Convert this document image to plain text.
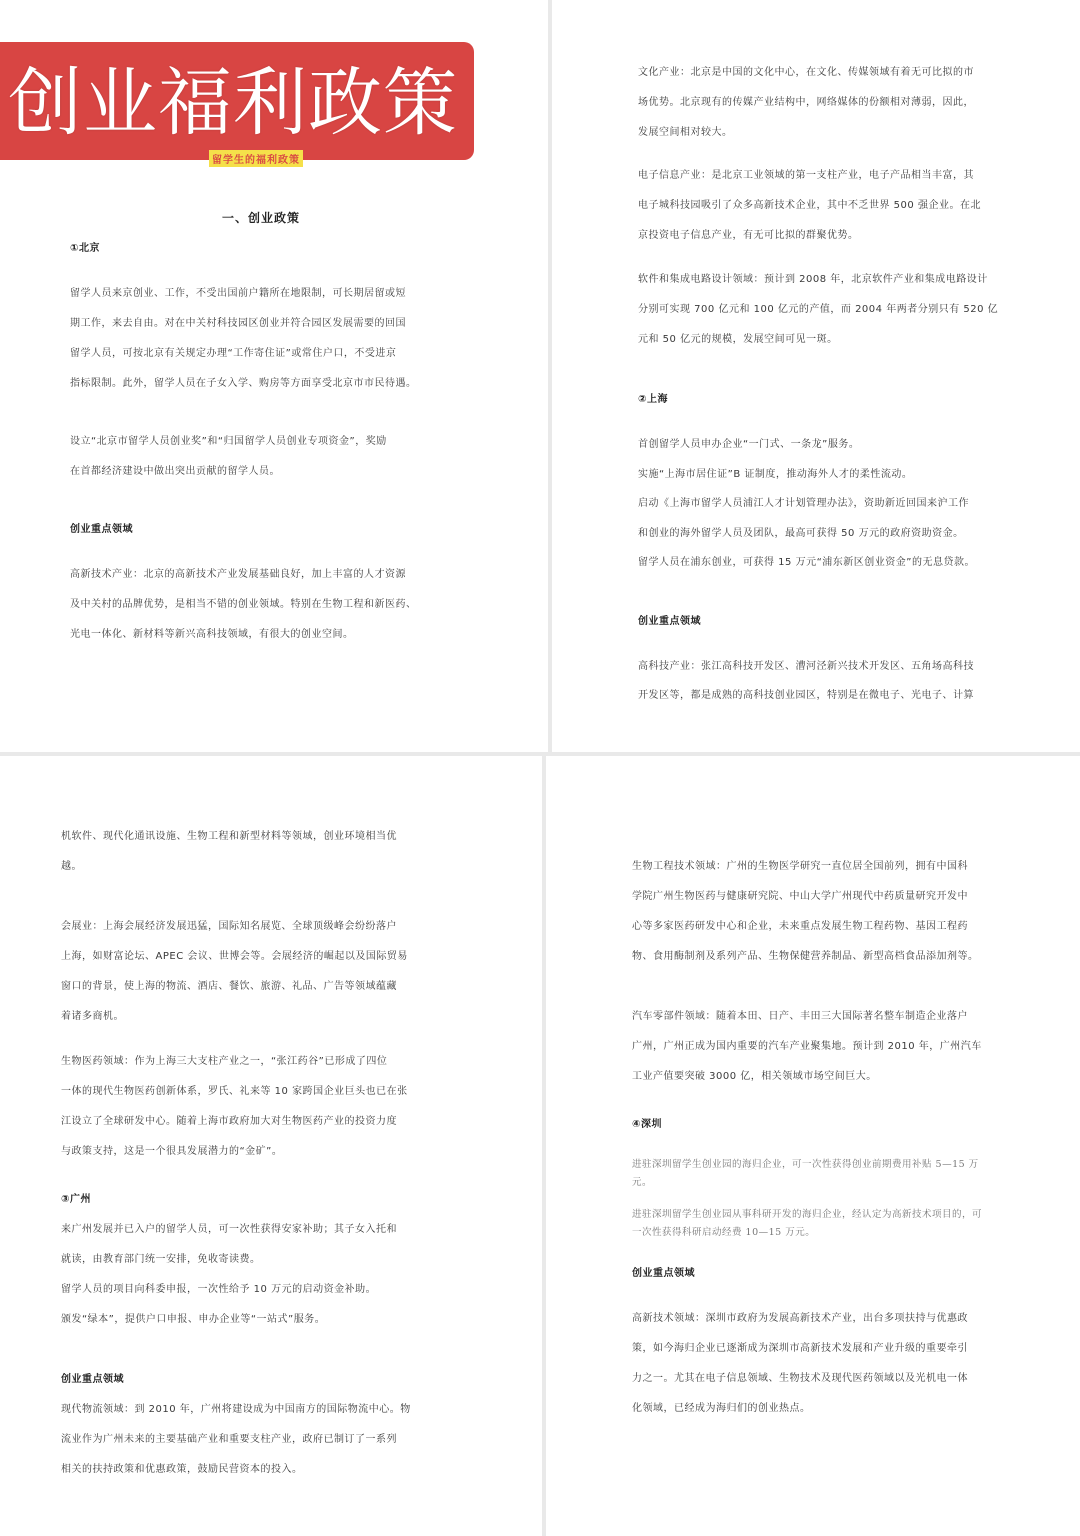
创业福利政策
留学生的福利政策
一、创业政策
①北京
留学人员来京创业、工作，不受出国前户籍所在地限制，可长期居留或短
期工作，来去自由。对在中关村科技园区创业并符合园区发展需要的回国
留学人员，可按北京有关规定办理“工作寄住证”或常住户口，不受进京
指标限制。此外，留学人员在子女入学、购房等方面享受北京市市民待遇。
设立“北京市留学人员创业奖”和“归国留学人员创业专项资金”，奖励
在首都经济建设中做出突出贡献的留学人员。
创业重点领域
高新技术产业：北京的高新技术产业发展基础良好，加上丰富的人才资源
及中关村的品牌优势，是相当不错的创业领域。特别在生物工程和新医药、
光电一体化、新材料等新兴高科技领域，有很大的创业空间。
文化产业：北京是中国的文化中心，在文化、传媒领域有着无可比拟的市
场优势。北京现有的传媒产业结构中，网络媒体的份额相对薄弱，因此，
发展空间相对较大。
电子信息产业：是北京工业领域的第一支柱产业，电子产品相当丰富，其
电子城科技园吸引了众多高新技术企业，其中不乏世界 500 强企业。在北
京投资电子信息产业，有无可比拟的群聚优势。
软件和集成电路设计领域：预计到 2008 年，北京软件产业和集成电路设计
分别可实现 700 亿元和 100 亿元的产值，而 2004 年两者分别只有 520 亿
元和 50 亿元的规模，发展空间可见一斑。
②上海
首创留学人员申办企业“一门式、一条龙”服务。
实施“上海市居住证”B 证制度，推动海外人才的柔性流动。
启动《上海市留学人员浦江人才计划管理办法》，资助新近回国来沪工作
和创业的海外留学人员及团队，最高可获得 50 万元的政府资助资金。
留学人员在浦东创业，可获得 15 万元“浦东新区创业资金”的无息贷款。
创业重点领域
高科技产业：张江高科技开发区、漕河泾新兴技术开发区、五角场高科技
开发区等，都是成熟的高科技创业园区，特别是在微电子、光电子、计算
机软件、现代化通讯设施、生物工程和新型材料等领域，创业环境相当优
越。
会展业：上海会展经济发展迅猛，国际知名展览、全球顶级峰会纷纷落户
上海，如财富论坛、APEC 会议、世博会等。会展经济的崛起以及国际贸易
窗口的背景，使上海的物流、酒店、餐饮、旅游、礼品、广告等领域蕴藏
着诸多商机。
生物医药领域：作为上海三大支柱产业之一，“张江药谷”已形成了四位
一体的现代生物医药创新体系，罗氏、礼来等 10 家跨国企业巨头也已在张
江设立了全球研发中心。随着上海市政府加大对生物医药产业的投资力度
与政策支持，这是一个很具发展潜力的“金矿”。
③广州
来广州发展并已入户的留学人员，可一次性获得安家补助；其子女入托和
就读，由教育部门统一安排，免收寄读费。
留学人员的项目向科委申报，一次性给予 10 万元的启动资金补助。
颁发“绿本”，提供户口申报、申办企业等“一站式”服务。
创业重点领域
现代物流领域：到 2010 年，广州将建设成为中国南方的国际物流中心。物
流业作为广州未来的主要基础产业和重要支柱产业，政府已制订了一系列
相关的扶持政策和优惠政策，鼓励民营资本的投入。
生物工程技术领域：广州的生物医学研究一直位居全国前列，拥有中国科
学院广州生物医药与健康研究院、中山大学广州现代中药质量研究开发中
心等多家医药研发中心和企业，未来重点发展生物工程药物、基因工程药
物、食用酶制剂及系列产品、生物保健营养制品、新型高档食品添加剂等。
汽车零部件领域：随着本田、日产、丰田三大国际著名整车制造企业落户
广州，广州正成为国内重要的汽车产业聚集地。预计到 2010 年，广州汽车
工业产值要突破 3000 亿，相关领域市场空间巨大。
④深圳
进驻深圳留学生创业园的海归企业，可一次性获得创业前期费用补贴 5—15 万
元。
进驻深圳留学生创业园从事科研开发的海归企业，经认定为高新技术项目的，可
一次性获得科研启动经费 10—15 万元。
创业重点领域
高新技术领域：深圳市政府为发展高新技术产业，出台多项扶持与优惠政
策，如今海归企业已逐渐成为深圳市高新技术发展和产业升级的重要牵引
力之一。尤其在电子信息领域、生物技术及现代医药领域以及光机电一体
化领域，已经成为海归们的创业热点。
